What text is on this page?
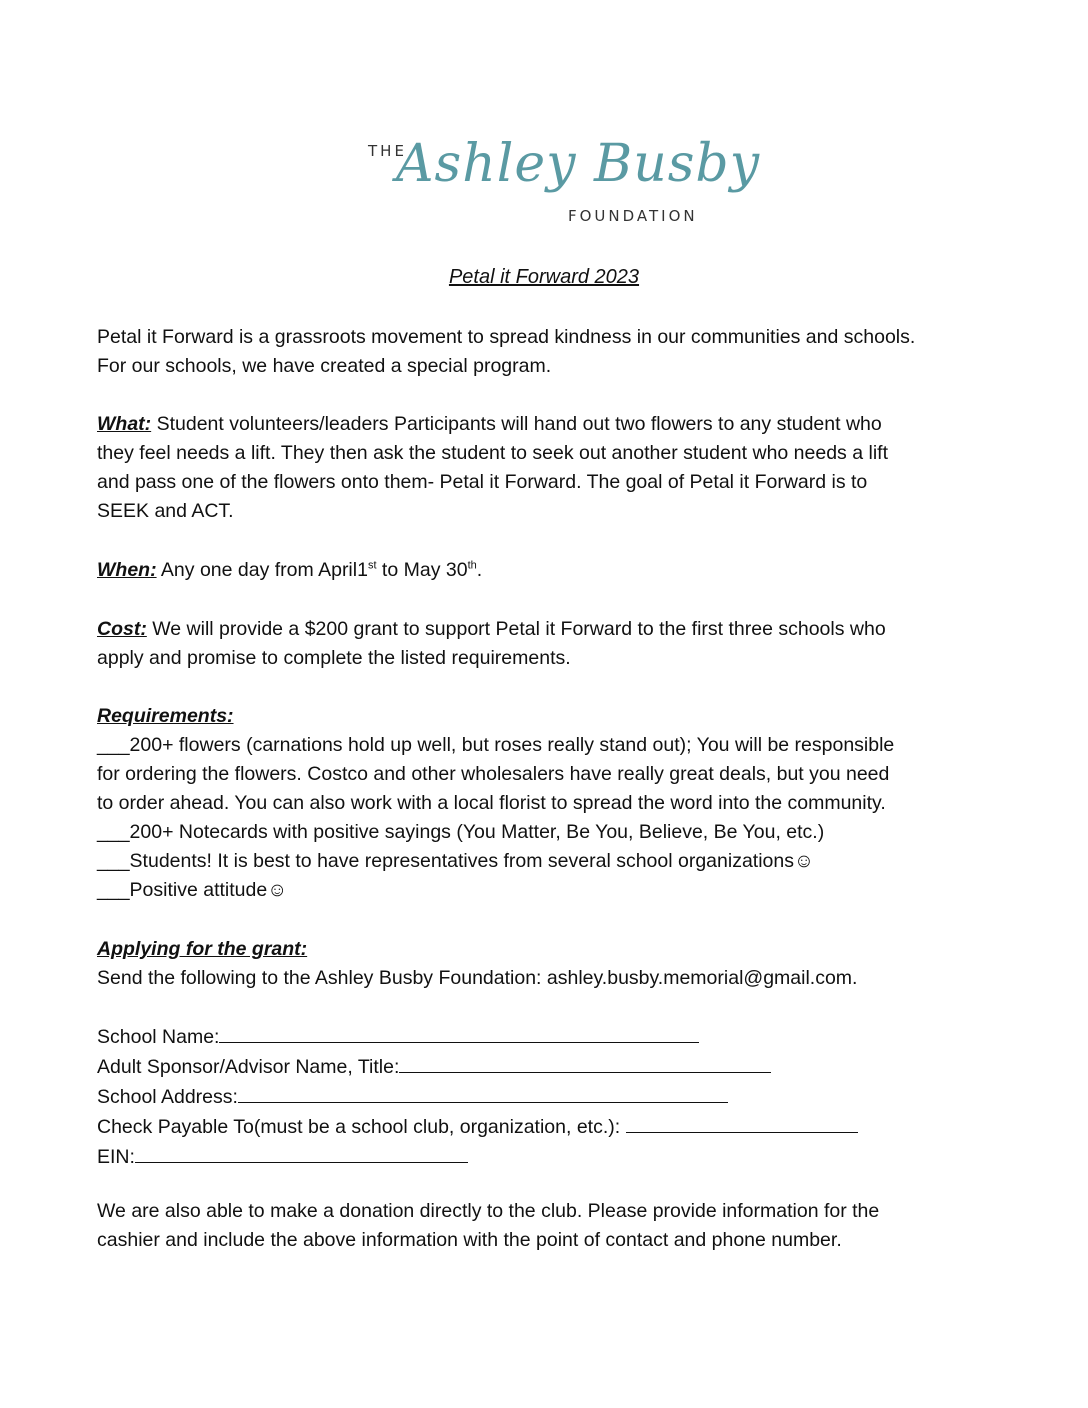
THE
Ashley Busby
FOUNDATION
Petal it Forward 2023

Petal it Forward is a grassroots movement to spread kindness in our communities and schools.

For our schools, we have created a special program.

What: Student volunteers/leaders Participants will hand out two flowers to any student who

they feel needs a lift. They then ask the student to seek out another student who needs a lift

and pass one of the flowers onto them- Petal it Forward. The goal of Petal it Forward is to

SEEK and ACT.

When: Any one day from April1st to May 30th.

Cost: We will provide a $200 grant to support Petal it Forward to the first three schools who

apply and promise to complete the listed requirements.

Requirements:

___200+ flowers (carnations hold up well, but roses really stand out); You will be responsible

for ordering the flowers. Costco and other wholesalers have really great deals, but you need

to order ahead. You can also work with a local florist to spread the word into the community.

___200+ Notecards with positive sayings (You Matter, Be You, Believe, Be You, etc.)

___Students! It is best to have representatives from several school organizations☺

___Positive attitude☺

Applying for the grant:

Send the following to the Ashley Busby Foundation: ashley.busby.memorial@gmail.com.

School Name:

Adult Sponsor/Advisor Name, Title:

School Address:

Check Payable To(must be a school club, organization, etc.):

EIN:

We are also able to make a donation directly to the club. Please provide information for the

cashier and include the above information with the point of contact and phone number.
